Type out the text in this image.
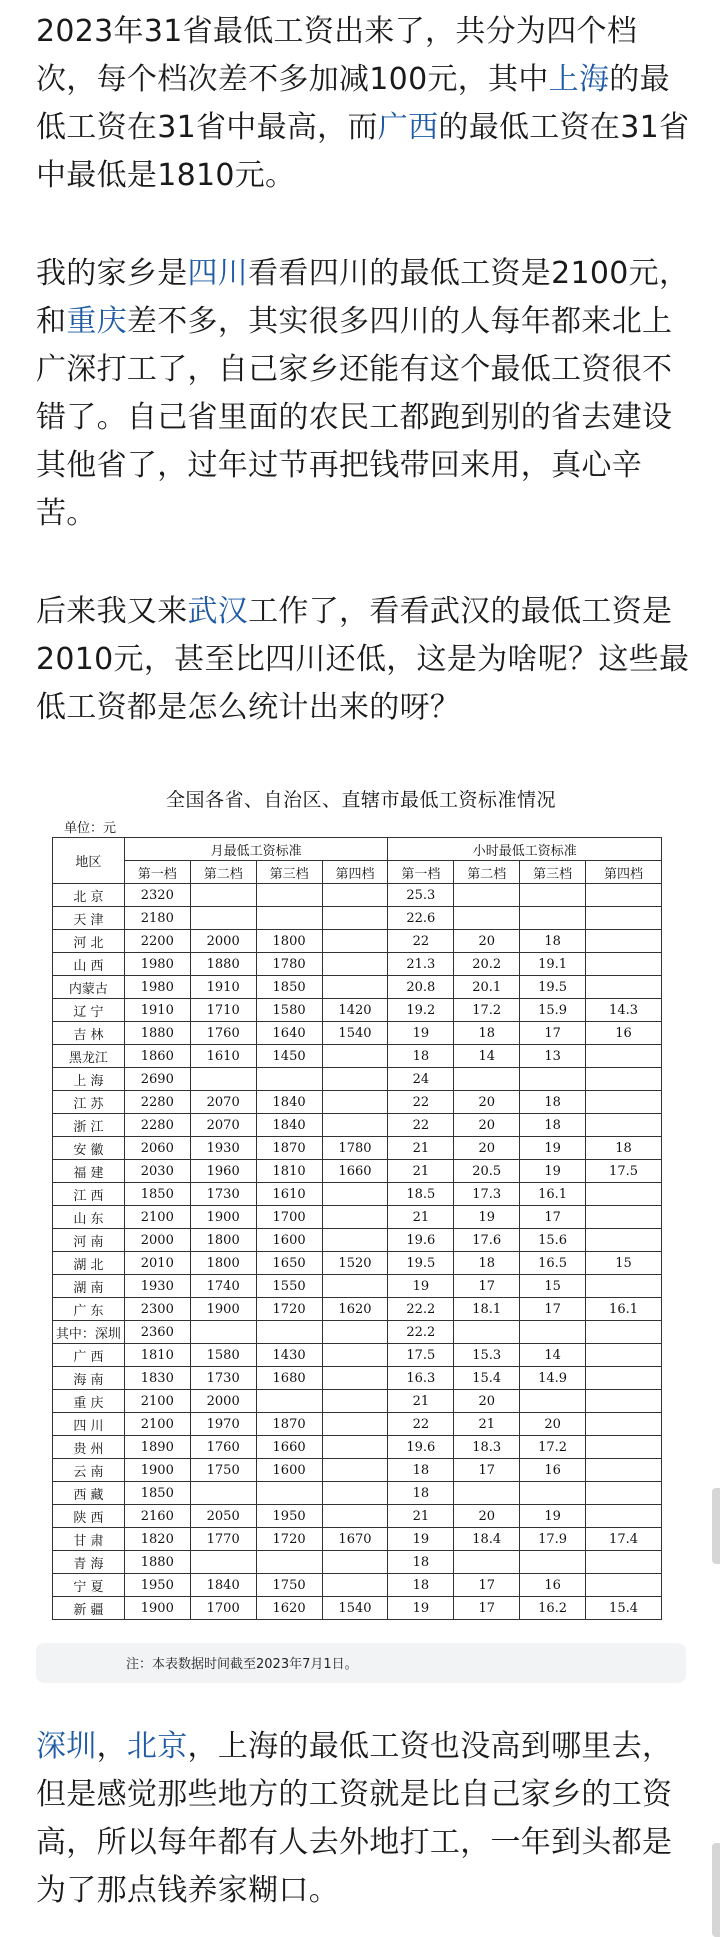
2023年31省最低工资出来了，共分为四个档次，每个档次差不多加减100元，其中上海的最低工资在31省中最高，而广西的最低工资在31省中最低是1810元。

我的家乡是四川看看四川的最低工资是2100元，和重庆差不多，其实很多四川的人每年都来北上广深打工了，自己家乡还能有这个最低工资很不错了。自己省里面的农民工都跑到别的省去建设其他省了，过年过节再把钱带回来用，真心辛苦。

后来我又来武汉工作了，看看武汉的最低工资是2010元，甚至比四川还低，这是为啥呢？这些最低工资都是怎么统计出来的呀？

全国各省、自治区、直辖市最低工资标准情况
单位：元
地区	月最低工资标准				小时最低工资标准			
	第一档	第二档	第三档	第四档	第一档	第二档	第三档	第四档
北 京	2320				25.3			
天 津	2180				22.6			
河 北	2200	2000	1800		22	20	18	
山 西	1980	1880	1780		21.3	20.2	19.1	
内蒙古	1980	1910	1850		20.8	20.1	19.5	
辽 宁	1910	1710	1580	1420	19.2	17.2	15.9	14.3
吉 林	1880	1760	1640	1540	19	18	17	16
黑龙江	1860	1610	1450		18	14	13	
上 海	2690				24			
江 苏	2280	2070	1840		22	20	18	
浙 江	2280	2070	1840		22	20	18	
安 徽	2060	1930	1870	1780	21	20	19	18
福 建	2030	1960	1810	1660	21	20.5	19	17.5
江 西	1850	1730	1610		18.5	17.3	16.1	
山 东	2100	1900	1700		21	19	17	
河 南	2000	1800	1600		19.6	17.6	15.6	
湖 北	2010	1800	1650	1520	19.5	18	16.5	15
湖 南	1930	1740	1550		19	17	15	
广 东	2300	1900	1720	1620	22.2	18.1	17	16.1
其中：深圳	2360				22.2			
广 西	1810	1580	1430		17.5	15.3	14	
海 南	1830	1730	1680		16.3	15.4	14.9	
重 庆	2100	2000			21	20		
四 川	2100	1970	1870		22	21	20	
贵 州	1890	1760	1660		19.6	18.3	17.2	
云 南	1900	1750	1600		18	17	16	
西 藏	1850				18			
陕 西	2160	2050	1950		21	20	19	
甘 肃	1820	1770	1720	1670	19	18.4	17.9	17.4
青 海	1880				18			
宁 夏	1950	1840	1750		18	17	16	
新 疆	1900	1700	1620	1540	19	17	16.2	15.4
注：本表数据时间截至2023年7月1日。

深圳，北京，上海的最低工资也没高到哪里去，但是感觉那些地方的工资就是比自己家乡的工资高，所以每年都有人去外地打工，一年到头都是为了那点钱养家糊口。
